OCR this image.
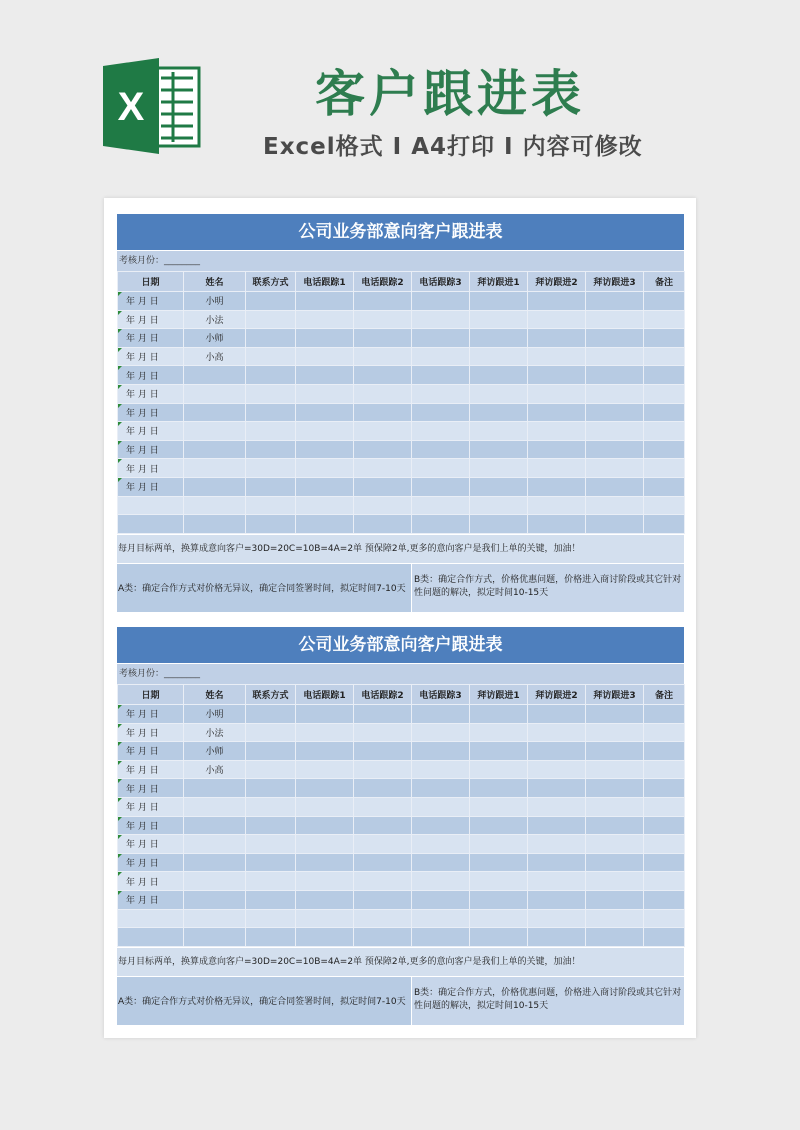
X	客户跟进表
Excel格式 I A4打印 I 内容可修改
公司业务部意向客户跟进表
考核月份：________
日期	姓名	联系方式	电话跟踪1	电话跟踪2	电话跟踪3	拜访跟进1	拜访跟进2	拜访跟进3	备注

年 月 日	小明								

年 月 日	小法								

年 月 日	小师								

年 月 日	小高								

年 月 日									

年 月 日									

年 月 日									

年 月 日									

年 月 日									

年 月 日									

年 月 日									

每月目标两单，换算成意向客户=30D=20C=10B=4A=2单 预保障2单,更多的意向客户是我们上单的关键，加油！
A类：确定合作方式对价格无异议，确定合同签署时间，拟定时间7-10天
B类：确定合作方式，价格优惠问题，价格进入商讨阶段或其它针对性问题的解决，拟定时间10-15天
公司业务部意向客户跟进表
考核月份：________
日期	姓名	联系方式	电话跟踪1	电话跟踪2	电话跟踪3	拜访跟进1	拜访跟进2	拜访跟进3	备注

年 月 日	小明								

年 月 日	小法								

年 月 日	小师								

年 月 日	小高								

年 月 日									

年 月 日									

年 月 日									

年 月 日									

年 月 日									

年 月 日									

年 月 日									

每月目标两单，换算成意向客户=30D=20C=10B=4A=2单 预保障2单,更多的意向客户是我们上单的关键，加油！
A类：确定合作方式对价格无异议，确定合同签署时间，拟定时间7-10天
B类：确定合作方式，价格优惠问题，价格进入商讨阶段或其它针对性问题的解决，拟定时间10-15天
